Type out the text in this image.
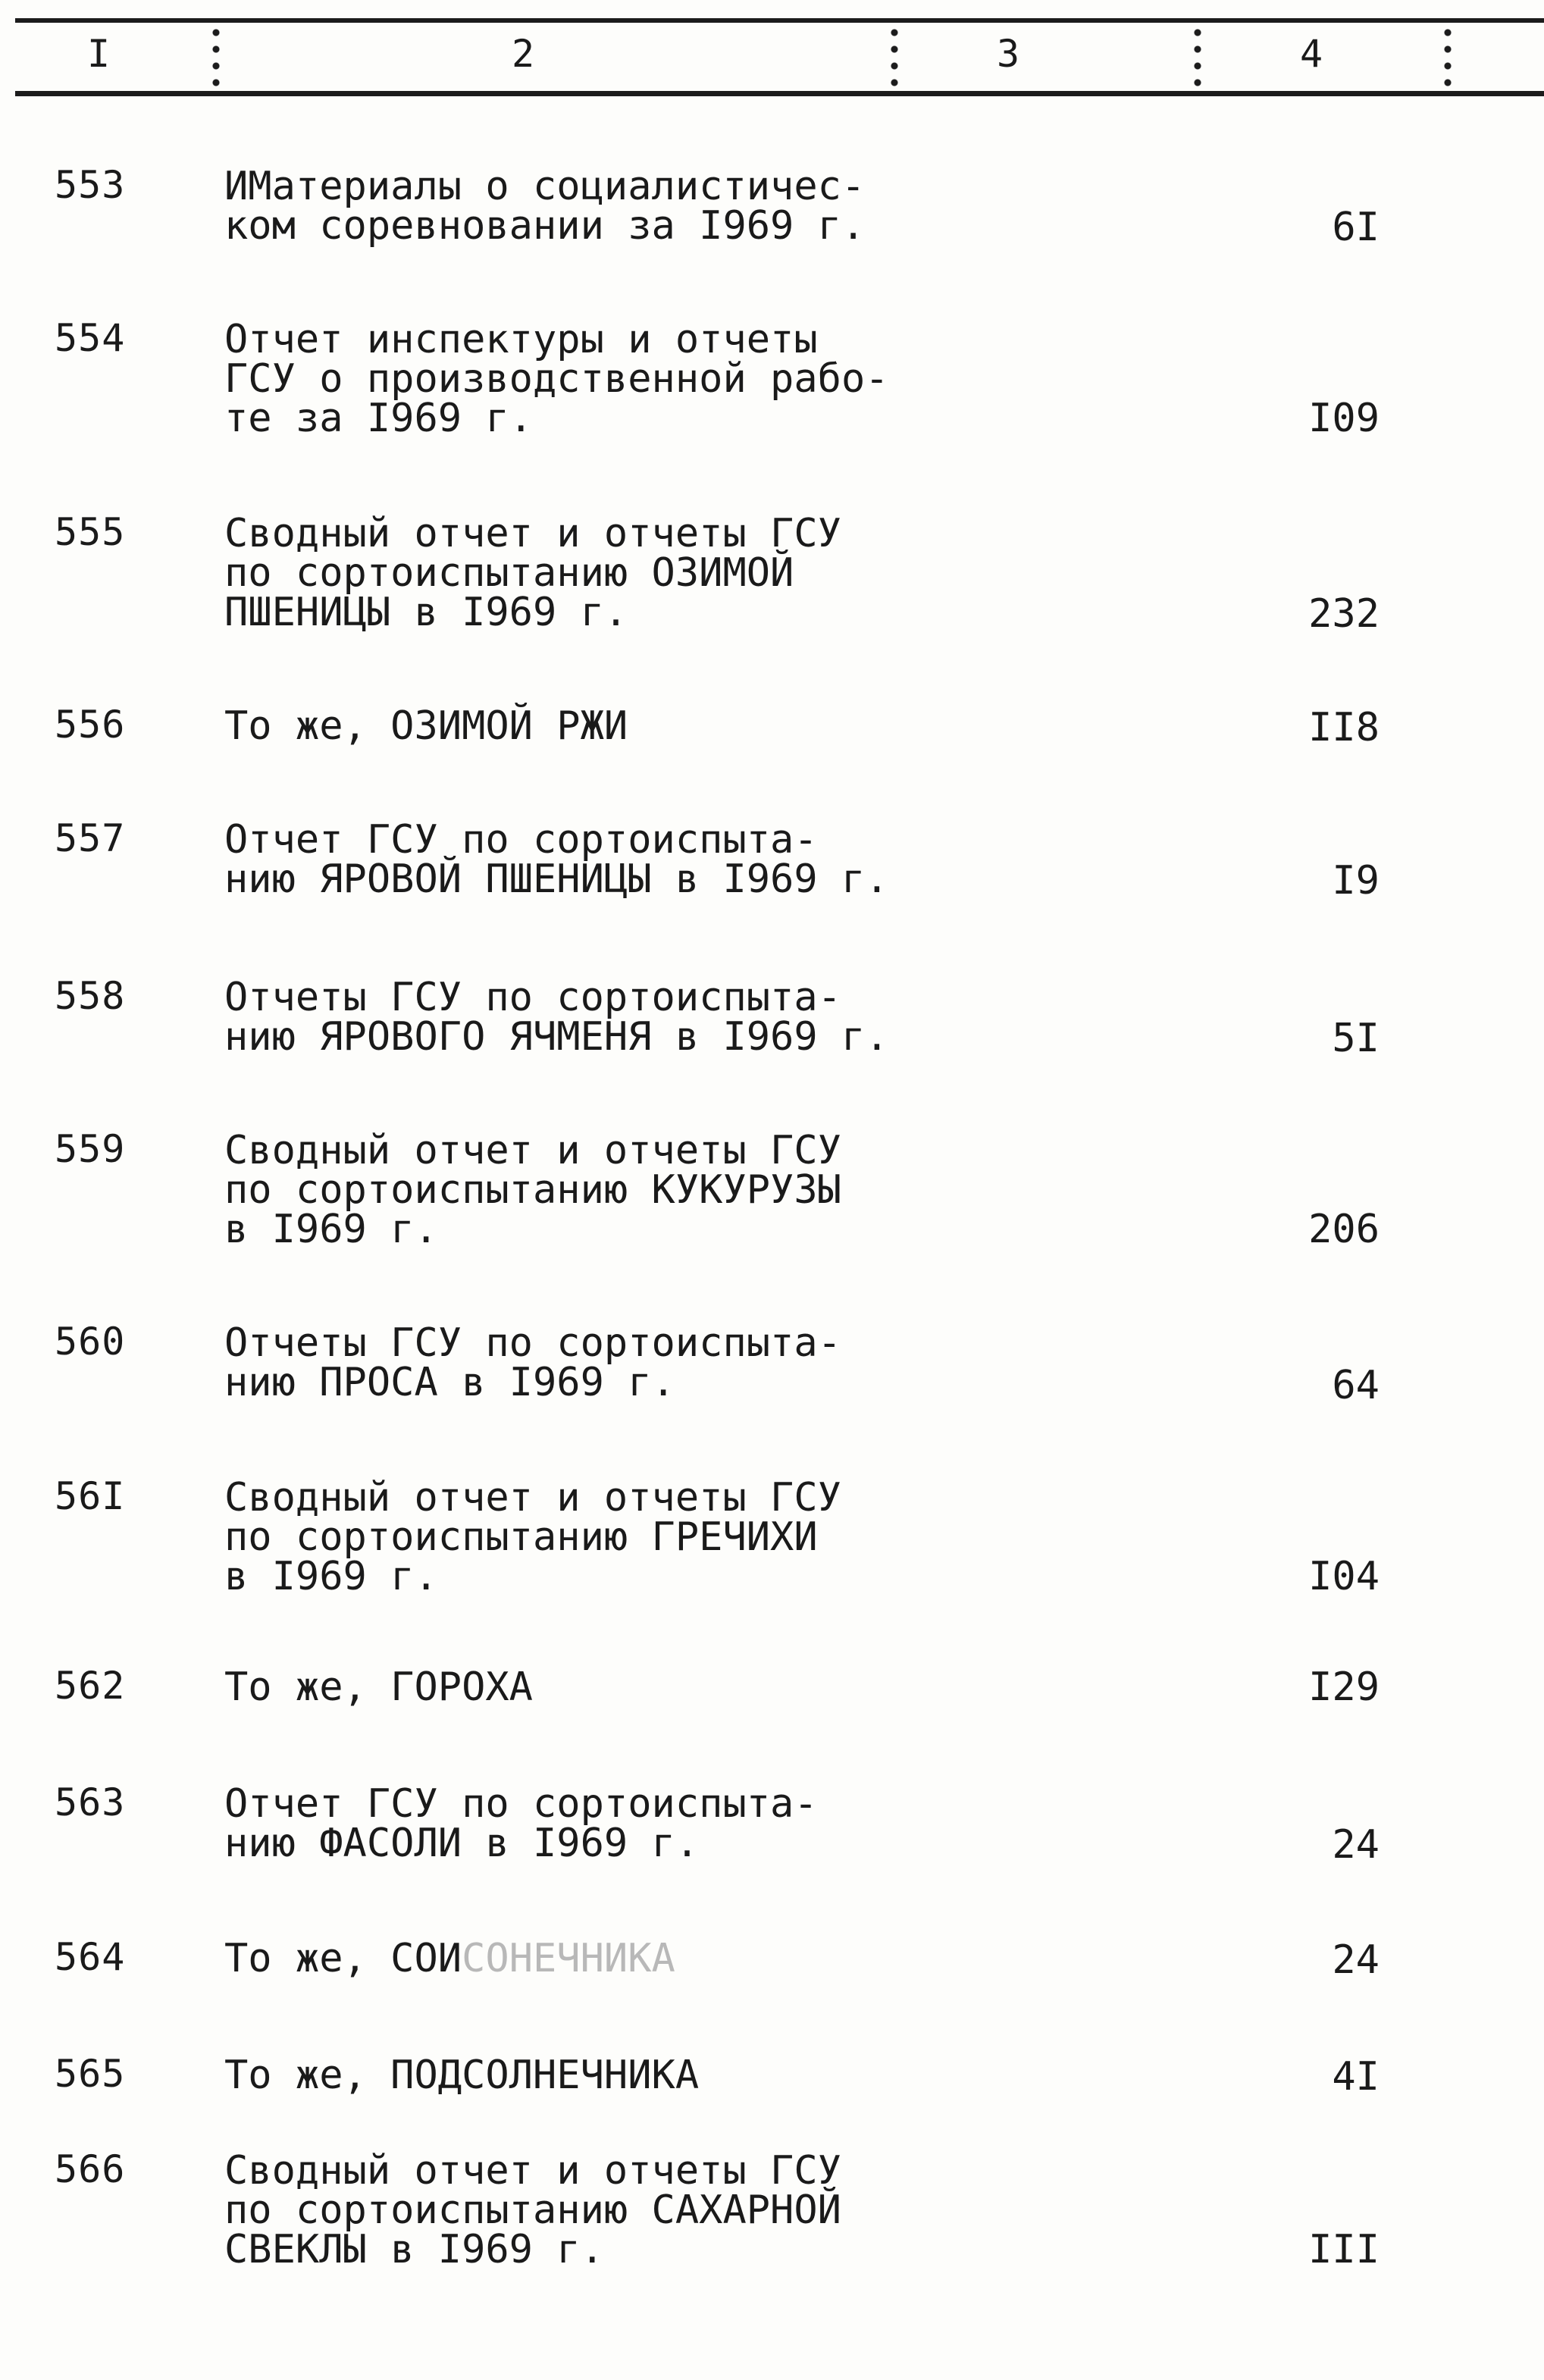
I	2	3	4
553	ИМатериалы о социалистичес-
ком соревновании за I969 г.	6I
554	Отчет инспектуры и отчеты
ГСУ о производственной рабо-
те за I969 г.	I09
555	Сводный отчет и отчеты ГСУ
по сортоиспытанию ОЗИМОЙ
ПШЕНИЦЫ в I969 г.	232
556	То же, ОЗИМОЙ РЖИ	II8
557	Отчет ГСУ по сортоиспыта-
нию ЯРОВОЙ ПШЕНИЦЫ в I969 г.	I9
558	Отчеты ГСУ по сортоиспыта-
нию ЯРОВОГО ЯЧМЕНЯ в I969 г.	5I
559	Сводный отчет и отчеты ГСУ
по сортоиспытанию КУКУРУЗЫ
в I969 г.	206
560	Отчеты ГСУ по сортоиспыта-
нию ПРОСА в I969 г.	64
56I	Сводный отчет и отчеты ГСУ
по сортоиспытанию ГРЕЧИХИ
в I969 г.	I04
562	То же, ГОРОХА	I29
563	Отчет ГСУ по сортоиспыта-
нию ФАСОЛИ в I969 г.	24
564	То же, СОИСОНЕЧНИКА	24
565	То же, ПОДСОЛНЕЧНИКА	4I
566	Сводный отчет и отчеты ГСУ
по сортоиспытанию САХАРНОЙ
СВЕКЛЫ в I969 г.	III
